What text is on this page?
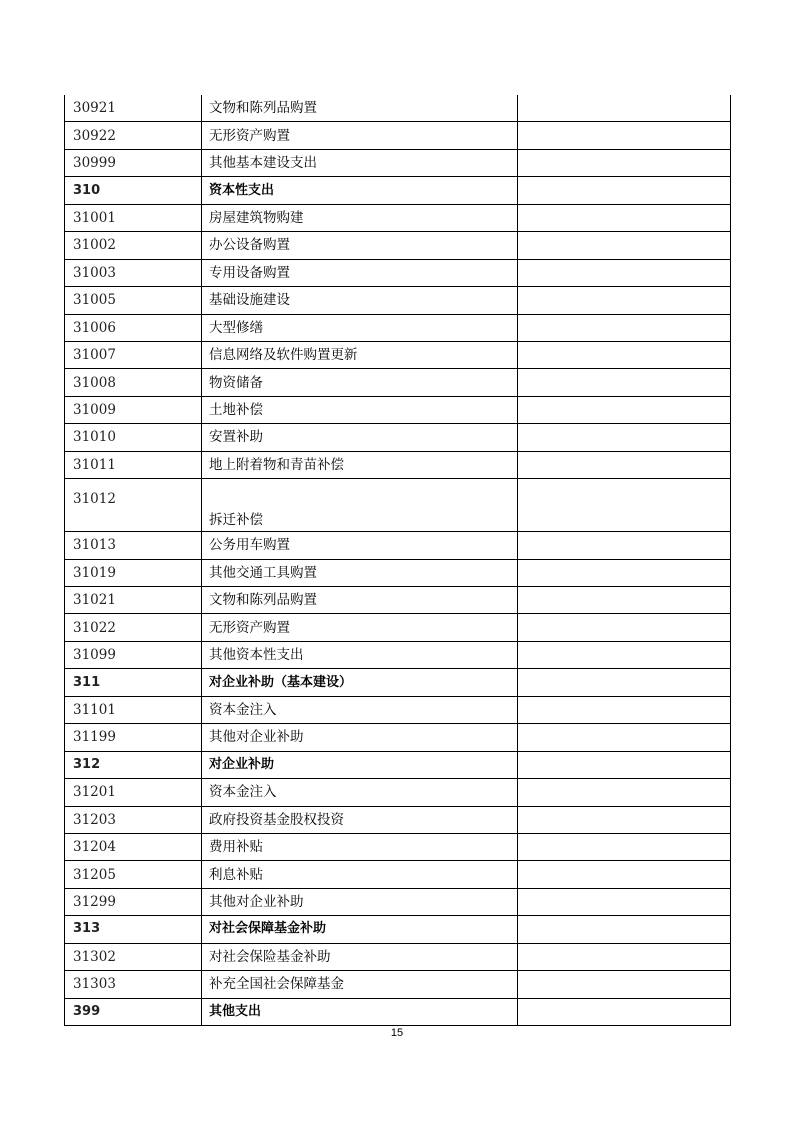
30921	文物和陈列品购置	
30922	无形资产购置	
30999	其他基本建设支出	
310	资本性支出	
31001	房屋建筑物购建	
31002	办公设备购置	
31003	专用设备购置	
31005	基础设施建设	
31006	大型修缮	
31007	信息网络及软件购置更新	
31008	物资储备	
31009	土地补偿	
31010	安置补助	
31011	地上附着物和青苗补偿	
31012	拆迁补偿	
31013	公务用车购置	
31019	其他交通工具购置	
31021	文物和陈列品购置	
31022	无形资产购置	
31099	其他资本性支出	
311	对企业补助（基本建设）	
31101	资本金注入	
31199	其他对企业补助	
312	对企业补助	
31201	资本金注入	
31203	政府投资基金股权投资	
31204	费用补贴	
31205	利息补贴	
31299	其他对企业补助	
313	对社会保障基金补助	
31302	对社会保险基金补助	
31303	补充全国社会保障基金	
399	其他支出	
15
